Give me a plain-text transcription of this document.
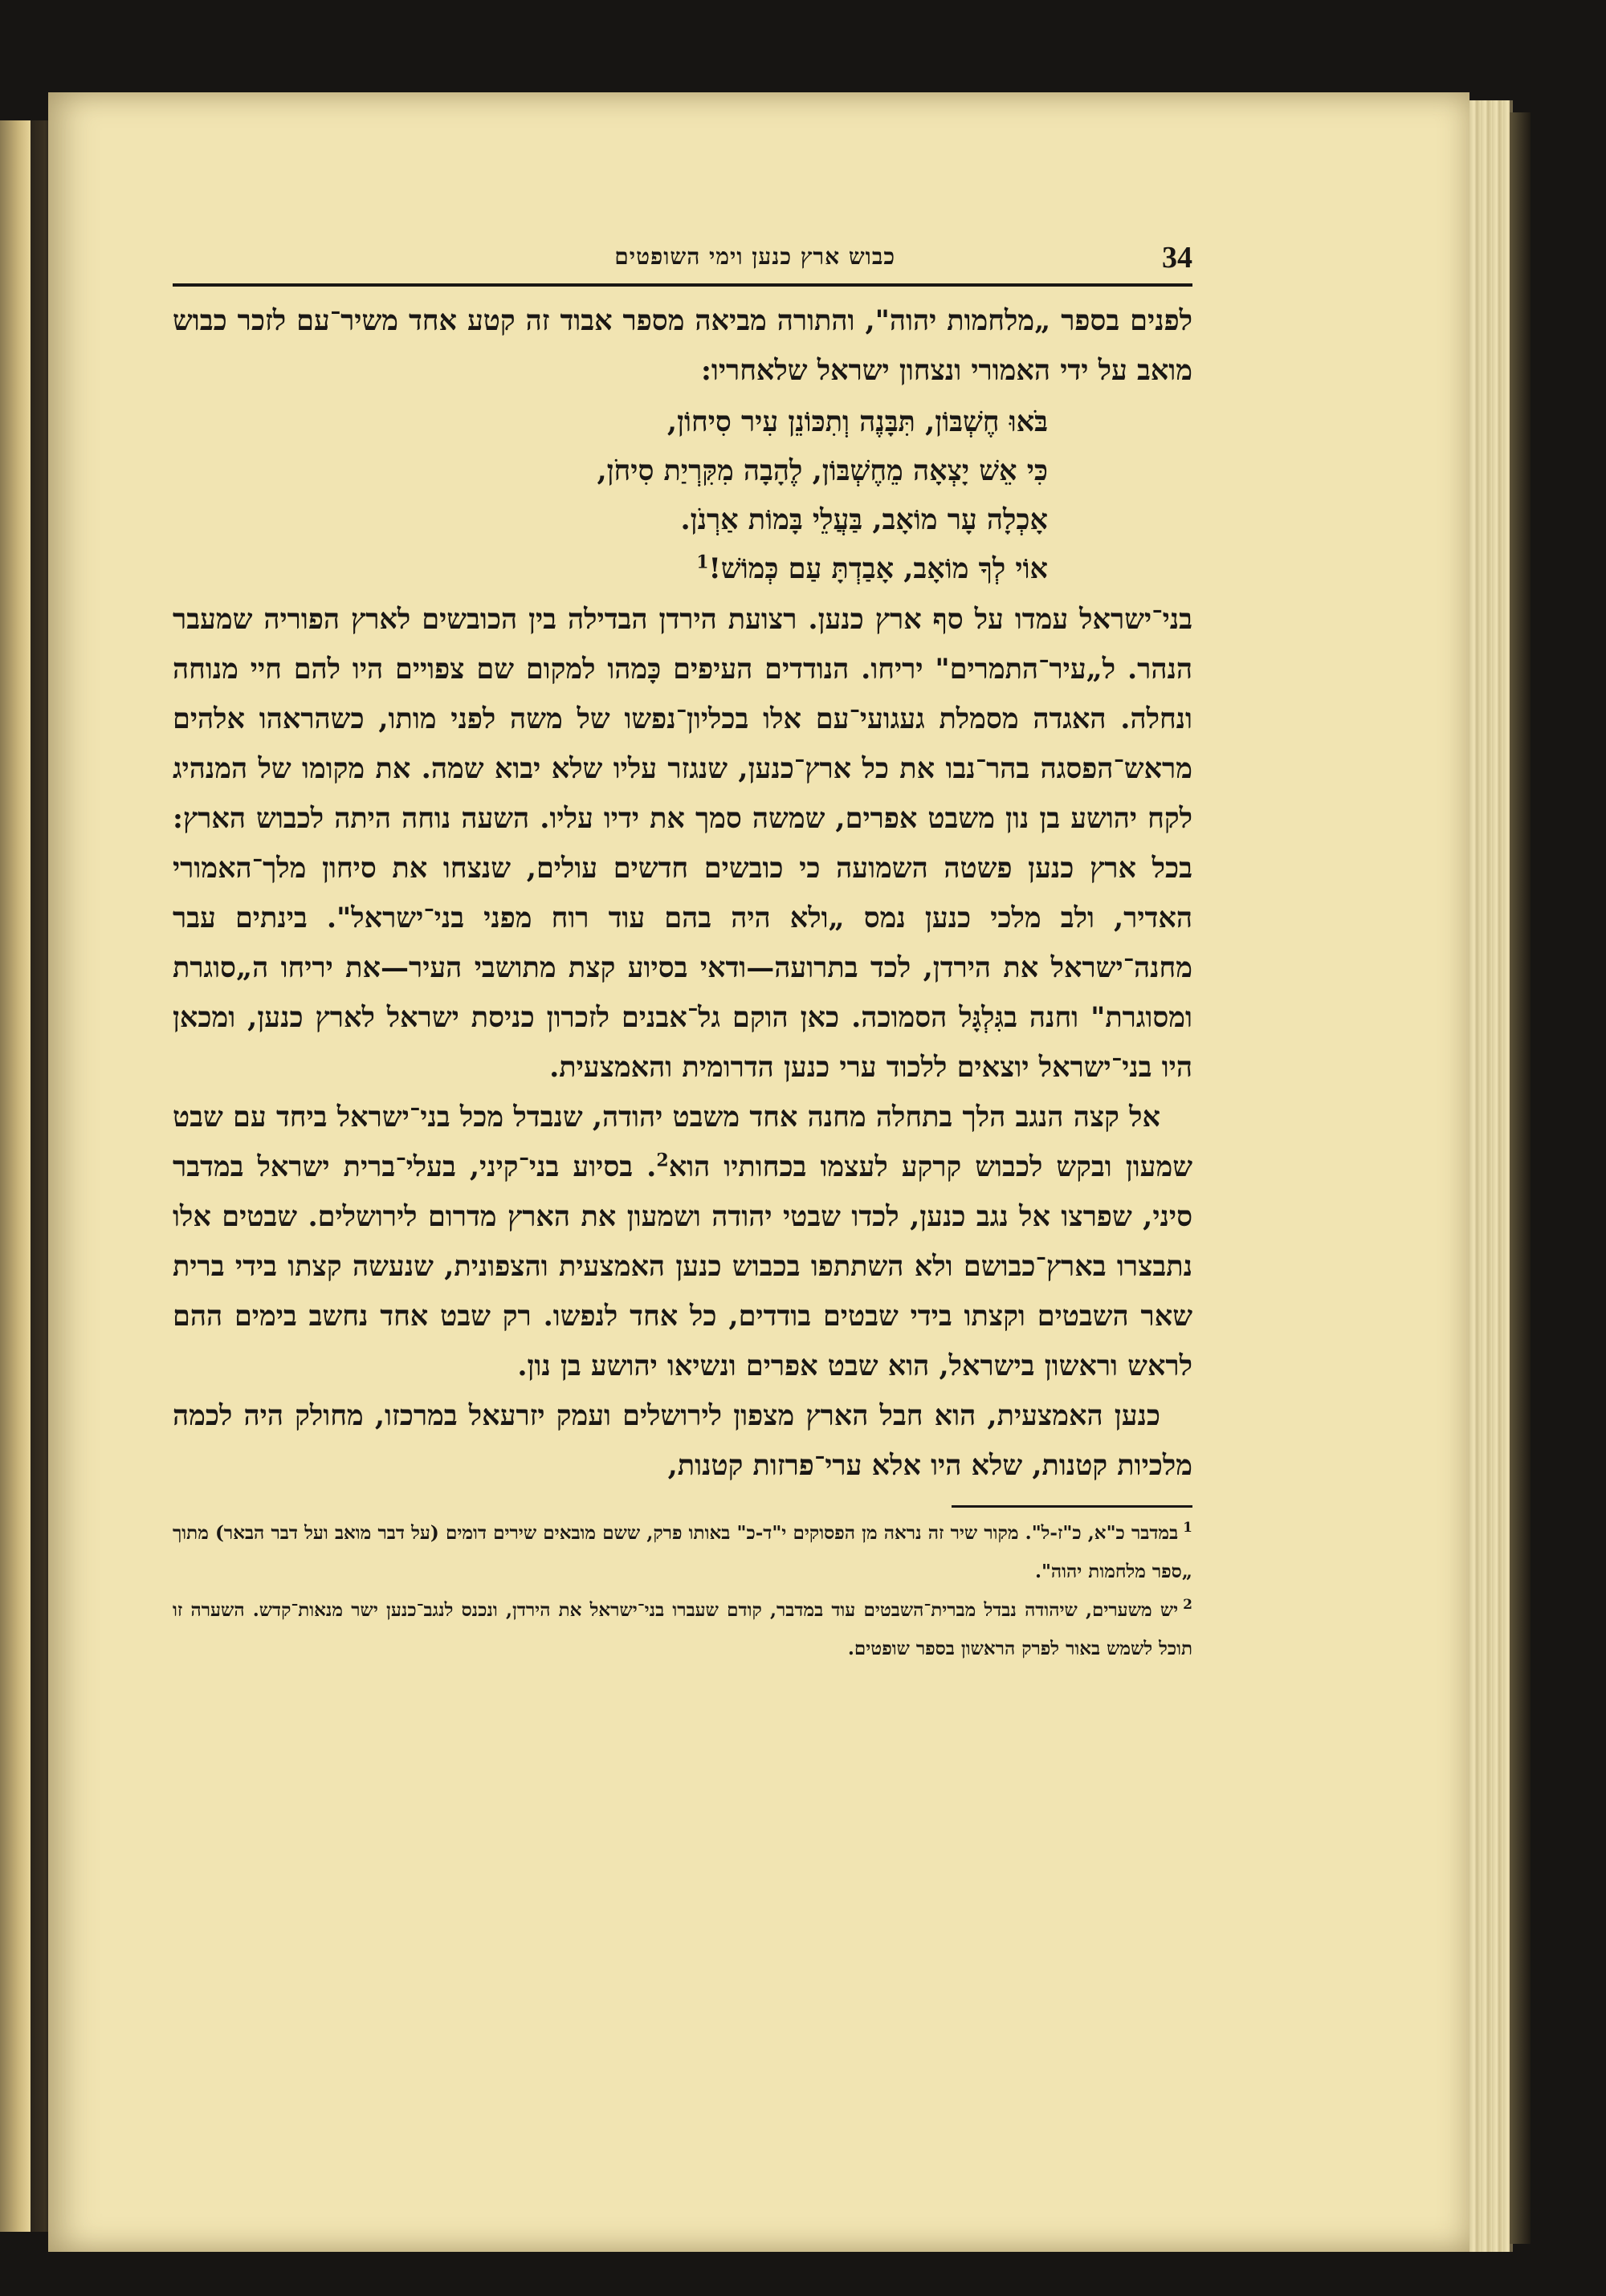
34
כבוש ארץ כנען וימי השופטים

לפנים בספר „מלחמות יהוה", והתורה מביאה מספר אבוד זה קטע אחד משיר־עם לזכר כבוש מואב על ידי האמורי ונצחון ישראל שלאחריו:

בֹּאוּ חֶשְׁבּוֹן, תִּבָּנֶה וְתִכּוֹנֵן עִיר סִיחוֹן,
כִּי אֵשׁ יָצְאָה מֵחֶשְׁבּוֹן, לֶהָבָה מִקִּרְיַת סִיחֹן,
אָכְלָה עָר מוֹאָב, בַּעֲלֵי בָּמוֹת אַרְנֹן.
אוֹי לְךָ מוֹאָב, אָבַדְתָּ עַם כְּמוֹשׁ!$^1$

בני־ישראל עמדו על סף ארץ כנען. רצועת הירדן הבדילה בין הכובשים לארץ הפוריה שמעבר הנהר. ל„עיר־התמרים" יריחו. הנודדים העיפים כָּמהו למקום שם צפויים היו להם חיי מנוחה ונחלה. האגדה מסמלת געגועי־עם אלו בכליון־נפשו של משה לפני מותו, כשהראהו אלהים מראש־הפסגה בהר־נבו את כל ארץ־כנען, שנגזר עליו שלא יבוא שמה. את מקומו של המנהיג לקח יהושע בן נון משבט אפרים, שמשה סמך את ידיו עליו. השעה נוחה היתה לכבוש הארץ: בכל ארץ כנען פשטה השמועה כי כובשים חדשים עולים, שנצחו את סיחון מלך־האמורי האדיר, ולב מלכי כנען נמס „ולא היה בהם עוד רוח מפני בני־ישראל". בינתים עבר מחנה־ישראל את הירדן, לכד בתרועה—ודאי בסיוע קצת מתושבי העיר—את יריחו ה„סוגרת ומסוגרת" וחנה בגִּלְגָּל הסמוכה. כאן הוקם גל־אבנים לזכרון כניסת ישראל לארץ כנען, ומכאן היו בני־ישראל יוצאים ללכוד ערי כנען הדרומית והאמצעית.

אל קצה הנגב הלך בתחלה מחנה אחד משבט יהודה, שנבדל מכל בני־ישראל ביחד עם שבט שמעון ובקש לכבוש קרקע לעצמו בכחותיו הוא$^2$. בסיוע בני־קיני, בעלי־ברית ישראל במדבר סיני, שפרצו אל נגב כנען, לכדו שבטי יהודה ושמעון את הארץ מדרום לירושלים. שבטים אלו נתבצרו בארץ־כבושם ולא השתתפו בכבוש כנען האמצעית והצפונית, שנעשה קצתו בידי ברית שאר השבטים וקצתו בידי שבטים בודדים, כל אחד לנפשו. רק שבט אחד נחשב בימים ההם לראש וראשון בישראל, הוא שבט אפרים ונשיאו יהושע בן נון.

כנען האמצעית, הוא חבל הארץ מצפון לירושלים ועמק יזרעאל במרכזו, מחולק היה לכמה מלכיות קטנות, שלא היו אלא ערי־פרזות קטנות,

$^1$במדבר כ"א, כ"ז-ל". מקור שיר זה נראה מן הפסוקים י"ד-כ" באותו פרק, ששם מובאים שירים דומים (על דבר מואב ועל דבר הבאר) מתוך „ספר מלחמות יהוה".

$^2$יש משערים, שיהודה נבדל מברית־השבטים עוד במדבר, קודם שעברו בני־ישראל את הירדן, ונכנס לנגב־כנען ישר מנאות־קדש. השערה זו תוכל לשמש באור לפרק הראשון בספר שופטים.
